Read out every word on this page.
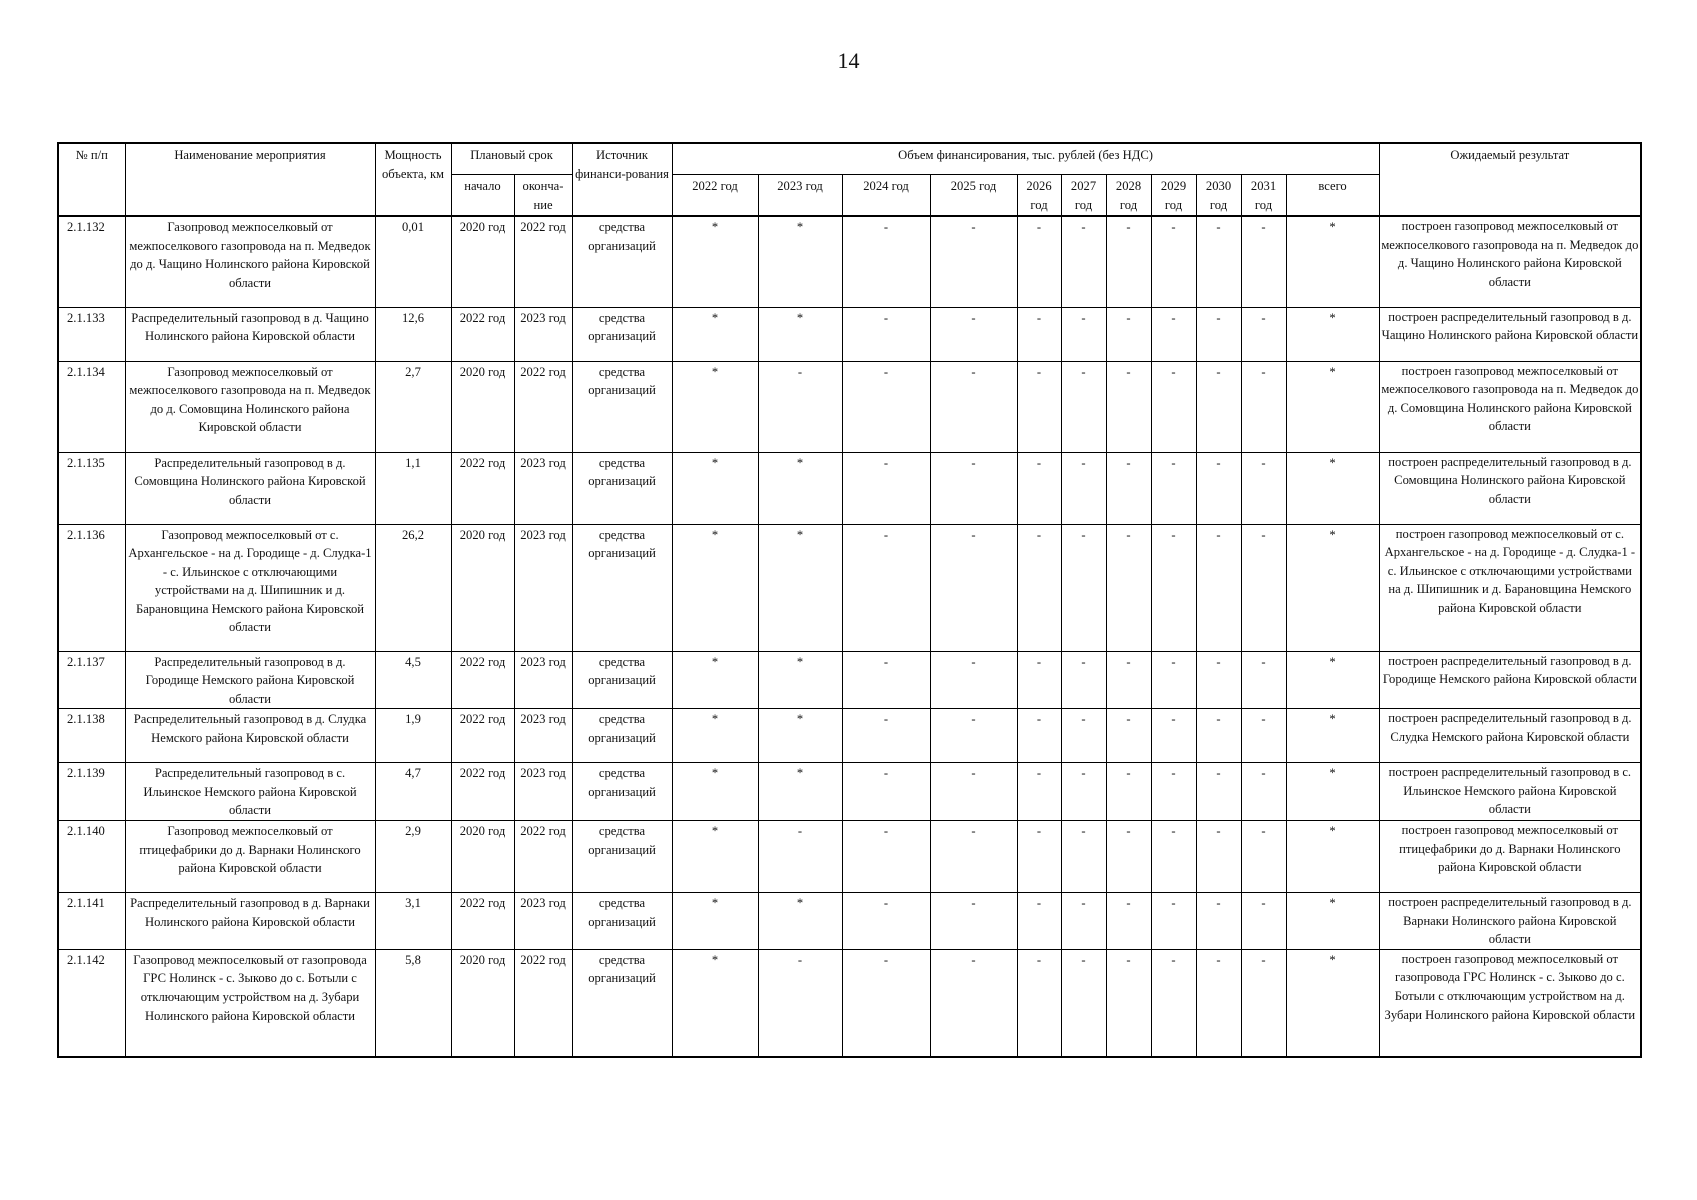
14
№ п/п	Наименование мероприятия	Мощность объекта, км	Плановый срок		Источник финанси-рования	Объем финансирования, тыс. рублей (без НДС)											Ожидаемый результат
			начало	оконча-ние		2022 год	2023 год	2024 год	2025 год	2026 год	2027 год	2028 год	2029 год	2030 год	2031 год	всего	
2.1.132	Газопровод межпоселковый от межпоселкового газопровода на п. Медведок до д. Чащино Нолинского района Кировской области	0,01	2020 год	2022 год	средства организаций	*	*	-	-	-	-	-	-	-	-	*	построен газопровод межпоселковый от межпоселкового газопровода на п. Медведок до д. Чащино Нолинского района Кировской области
2.1.133	Распределительный газопровод в д. Чащино Нолинского района Кировской области	12,6	2022 год	2023 год	средства организаций	*	*	-	-	-	-	-	-	-	-	*	построен распределительный газопровод в д. Чащино Нолинского района Кировской области
2.1.134	Газопровод межпоселковый от межпоселкового газопровода на п. Медведок до д. Сомовщина Нолинского района Кировской области	2,7	2020 год	2022 год	средства организаций	*	-	-	-	-	-	-	-	-	-	*	построен газопровод межпоселковый от межпоселкового газопровода на п. Медведок до д. Сомовщина Нолинского района Кировской области
2.1.135	Распределительный газопровод в д. Сомовщина Нолинского района Кировской области	1,1	2022 год	2023 год	средства организаций	*	*	-	-	-	-	-	-	-	-	*	построен распределительный газопровод в д. Сомовщина Нолинского района Кировской области
2.1.136	Газопровод межпоселковый от с. Архангельское - на д. Городище - д. Слудка-1 - с. Ильинское с отключающими устройствами на д. Шипишник и д. Барановщина Немского района Кировской области	26,2	2020 год	2023 год	средства организаций	*	*	-	-	-	-	-	-	-	-	*	построен газопровод межпоселковый от с. Архангельское - на д. Городище - д. Слудка-1 - с. Ильинское с отключающими устройствами на д. Шипишник и д. Барановщина Немского района Кировской области
2.1.137	Распределительный газопровод в д. Городище Немского района Кировской области	4,5	2022 год	2023 год	средства организаций	*	*	-	-	-	-	-	-	-	-	*	построен распределительный газопровод в д. Городище Немского района Кировской области
2.1.138	Распределительный газопровод в д. Слудка Немского района Кировской области	1,9	2022 год	2023 год	средства организаций	*	*	-	-	-	-	-	-	-	-	*	построен распределительный газопровод в д. Слудка Немского района Кировской области
2.1.139	Распределительный газопровод в с. Ильинское Немского района Кировской области	4,7	2022 год	2023 год	средства организаций	*	*	-	-	-	-	-	-	-	-	*	построен распределительный газопровод в с. Ильинское Немского района Кировской области
2.1.140	Газопровод межпоселковый от птицефабрики до д. Варнаки Нолинского района Кировской области	2,9	2020 год	2022 год	средства организаций	*	-	-	-	-	-	-	-	-	-	*	построен газопровод межпоселковый от птицефабрики до д. Варнаки Нолинского района Кировской области
2.1.141	Распределительный газопровод в д. Варнаки Нолинского района Кировской области	3,1	2022 год	2023 год	средства организаций	*	*	-	-	-	-	-	-	-	-	*	построен распределительный газопровод в д. Варнаки Нолинского района Кировской области
2.1.142	Газопровод межпоселковый от газопровода ГРС Нолинск - с. Зыково до с. Ботыли с отключающим устройством на д. Зубари Нолинского района Кировской области	5,8	2020 год	2022 год	средства организаций	*	-	-	-	-	-	-	-	-	-	*	построен газопровод межпоселковый от газопровода ГРС Нолинск - с. Зыково до с. Ботыли с отключающим устройством на д. Зубари Нолинского района Кировской области
